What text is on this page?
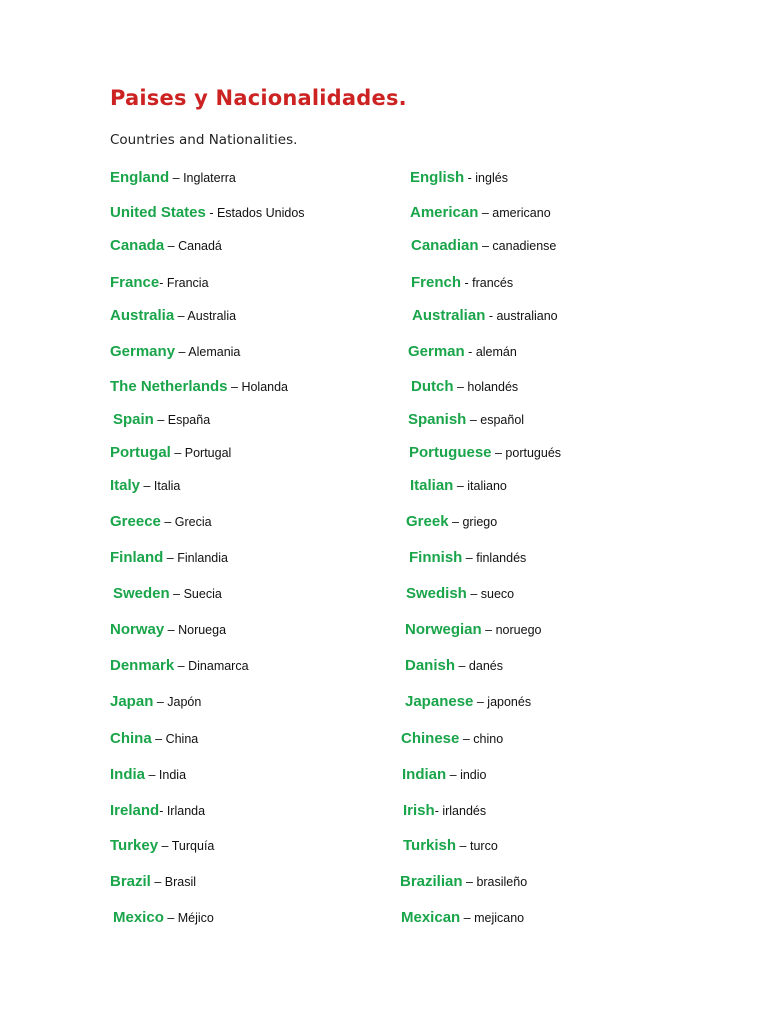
Paises y Nacionalidades.
Countries and Nationalities.
England – Inglaterra	English - inglés
United States - Estados Unidos	American – americano
Canada – Canadá	Canadian – canadiense
France- Francia	French - francés
Australia – Australia	Australian - australiano
Germany – Alemania	German - alemán
The Netherlands – Holanda	Dutch – holandés
Spain – España	Spanish – español
Portugal – Portugal	Portuguese – portugués
Italy – Italia	Italian – italiano
Greece – Grecia	Greek – griego
Finland – Finlandia	Finnish – finlandés
Sweden – Suecia	Swedish – sueco
Norway – Noruega	Norwegian – noruego
Denmark – Dinamarca	Danish – danés
Japan – Japón	Japanese – japonés
China – China	Chinese – chino
India – India	Indian – indio
Ireland- Irlanda	Irish- irlandés
Turkey – Turquía	Turkish – turco
Brazil – Brasil	Brazilian – brasileño
Mexico – Méjico	Mexican – mejicano
